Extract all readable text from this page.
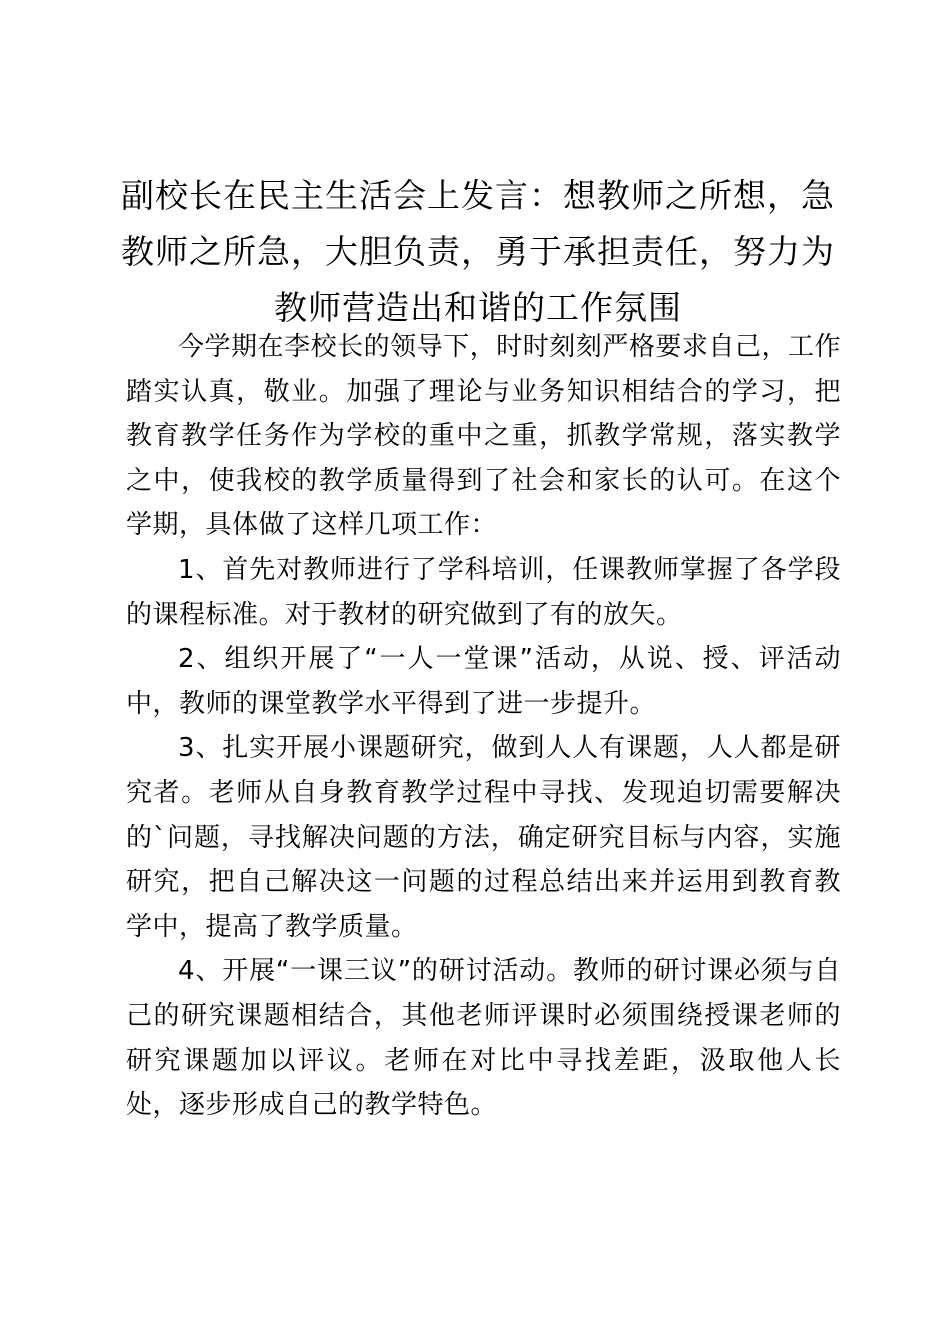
副校长在民主生活会上发言：想教师之所想，急教师之所急，大胆负责，勇于承担责任，努力为教师营造出和谐的工作氛围

今学期在李校长的领导下，时时刻刻严格要求自己，工作踏实认真，敬业。加强了理论与业务知识相结合的学习，把教育教学任务作为学校的重中之重，抓教学常规，落实教学之中，使我校的教学质量得到了社会和家长的认可。在这个学期，具体做了这样几项工作：

1、首先对教师进行了学科培训，任课教师掌握了各学段的课程标准。对于教材的研究做到了有的放矢。

2、组织开展了“一人一堂课”活动，从说、授、评活动中，教师的课堂教学水平得到了进一步提升。

3、扎实开展小课题研究，做到人人有课题，人人都是研究者。老师从自身教育教学过程中寻找、发现迫切需要解决的`问题，寻找解决问题的方法，确定研究目标与内容，实施研究，把自己解决这一问题的过程总结出来并运用到教育教学中，提高了教学质量。

4、开展“一课三议”的研讨活动。教师的研讨课必须与自己的研究课题相结合，其他老师评课时必须围绕授课老师的研究课题加以评议。老师在对比中寻找差距，汲取他人长处，逐步形成自己的教学特色。
